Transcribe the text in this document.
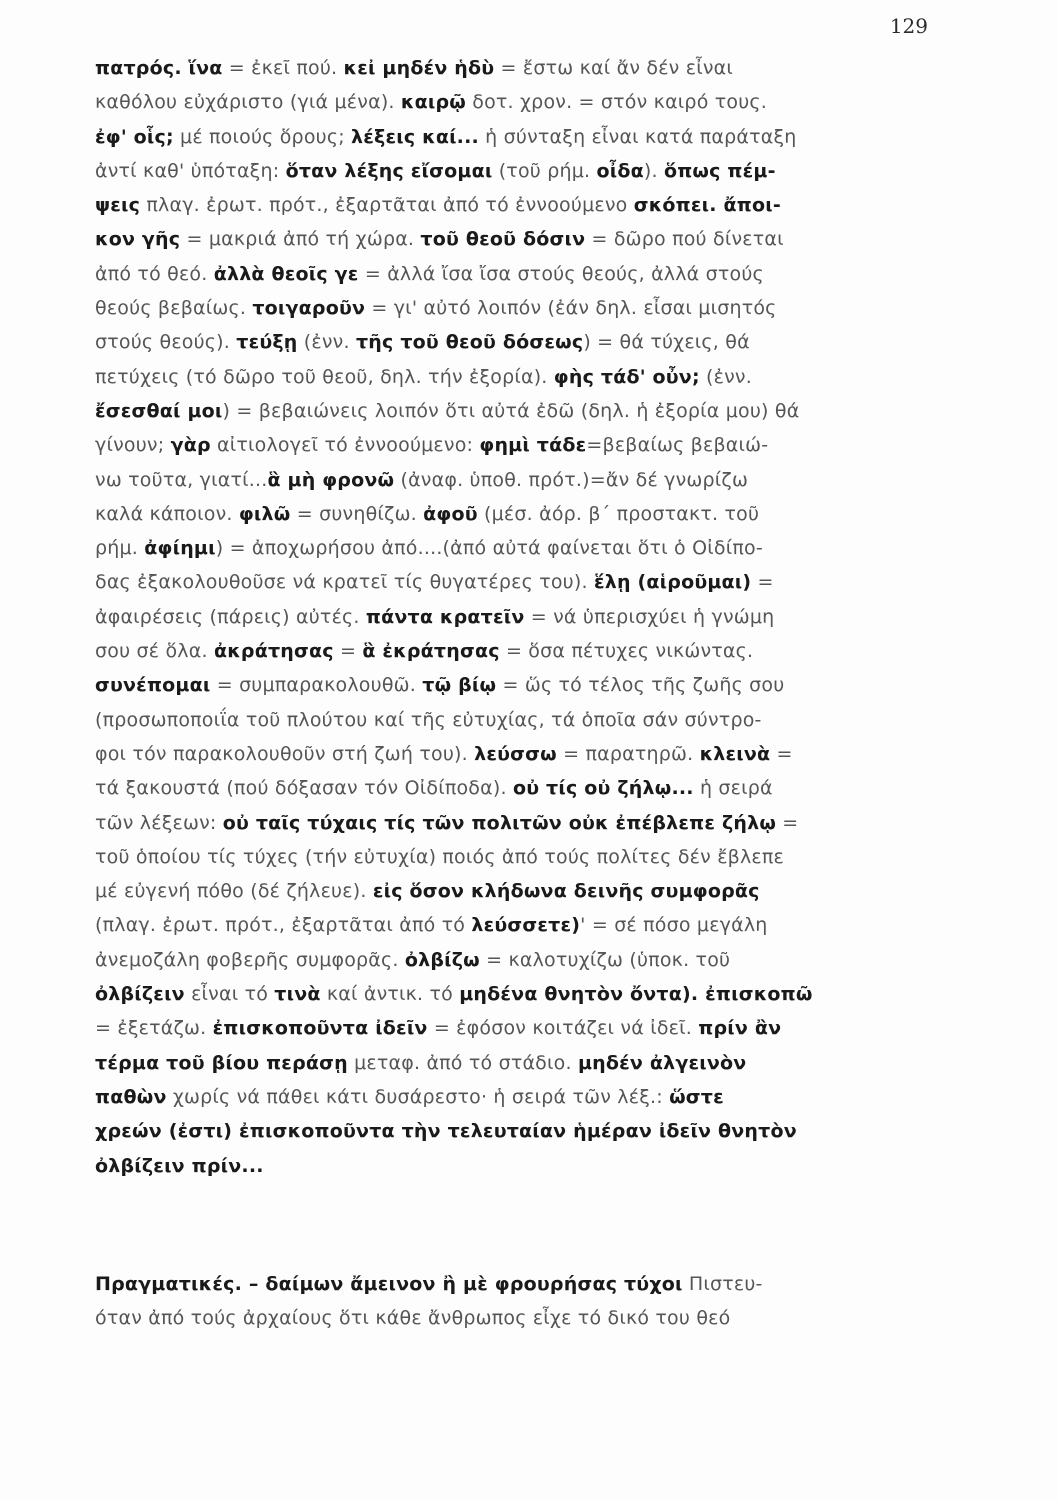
129
πατρός. ἵνα = ἐκεῖ πού. κεἰ μηδέν ἡδὺ = ἔστω καί ἄν δέν εἶναι
καθόλου εὐχάριστο (γιά μένα). καιρῷ δοτ. χρον. = στόν καιρό τους.
ἐφ' οἷς; μέ ποιούς ὅρους; λέξεις καί... ἡ σύνταξη εἶναι κατά παράταξη
ἀντί καθ' ὑπόταξη: ὅταν λέξης εἴσομαι (τοῦ ρήμ. οἶδα). ὅπως πέμ-
ψεις πλαγ. ἐρωτ. πρότ., ἐξαρτᾶται ἀπό τό ἐννοούμενο σκόπει. ἄποι-
κον γῆς = μακριά ἀπό τή χώρα. τοῦ θεοῦ δόσιν = δῶρο πού δίνεται
ἀπό τό θεό. ἀλλὰ θεοῖς γε = ἀλλά ἴσα ἴσα στούς θεούς, ἀλλά στούς
θεούς βεβαίως. τοιγαροῦν = γι' αὐτό λοιπόν (ἐάν δηλ. εἶσαι μισητός
στούς θεούς). τεύξῃ (ἐνν. τῆς τοῦ θεοῦ δόσεως) = θά τύχεις, θά
πετύχεις (τό δῶρο τοῦ θεοῦ, δηλ. τήν ἐξορία). φὴς τάδ' οὖν; (ἐνν.
ἔσεσθαί μοι) = βεβαιώνεις λοιπόν ὅτι αὐτά ἐδῶ (δηλ. ἡ ἐξορία μου) θά
γίνουν; γὰρ αἰτιολογεῖ τό ἐννοούμενο: φημὶ τάδε=βεβαίως βεβαιώ-
νω τοῦτα, γιατί...ἃ μὴ φρονῶ (ἀναφ. ὑποθ. πρότ.)=ἄν δέ γνωρίζω
καλά κάποιον. φιλῶ = συνηθίζω. ἀφοῦ (μέσ. ἀόρ. β΄ προστακτ. τοῦ
ρήμ. ἀφίημι) = ἀποχωρήσου ἀπό....(ἀπό αὐτά φαίνεται ὅτι ὁ Οἰδίπο-
δας ἐξακολουθοῦσε νά κρατεῖ τίς θυγατέρες του). ἕλῃ (αἱροῦμαι) =
ἀφαιρέσεις (πάρεις) αὐτές. πάντα κρατεῖν = νά ὑπερισχύει ἡ γνώμη
σου σέ ὅλα. ἀκράτησας = ἃ ἐκράτησας = ὅσα πέτυχες νικώντας.
συνέπομαι = συμπαρακολουθῶ. τῷ βίῳ = ὥς τό τέλος τῆς ζωῆς σου
(προσωποποιΐα τοῦ πλούτου καί τῆς εὐτυχίας, τά ὁποῖα σάν σύντρο-
φοι τόν παρακολουθοῦν στή ζωή του). λεύσσω = παρατηρῶ. κλεινὰ =
τά ξακουστά (πού δόξασαν τόν Οἰδίποδα). οὐ τίς οὐ ζήλῳ... ἡ σειρά
τῶν λέξεων: οὐ ταῖς τύχαις τίς τῶν πολιτῶν οὐκ ἐπέβλεπε ζήλῳ =
τοῦ ὁποίου τίς τύχες (τήν εὐτυχία) ποιός ἀπό τούς πολίτες δέν ἔβλεπε
μέ εὐγενή πόθο (δέ ζήλευε). εἰς ὅσον κλήδωνα δεινῆς συμφορᾶς
(πλαγ. ἐρωτ. πρότ., ἐξαρτᾶται ἀπό τό λεύσσετε)' = σέ πόσο μεγάλη
ἀνεμοζάλη φοβερῆς συμφορᾶς. ὀλβίζω = καλοτυχίζω (ὑποκ. τοῦ
ὀλβίζειν εἶναι τό τινὰ καί ἀντικ. τό μηδένα θνητὸν ὄντα). ἐπισκοπῶ
= ἐξετάζω. ἐπισκοποῦντα ἰδεῖν = ἐφόσον κοιτάζει νά ἰδεῖ. πρίν ἂν
τέρμα τοῦ βίου περάσῃ μεταφ. ἀπό τό στάδιο. μηδέν ἀλγεινὸν
παθὼν χωρίς νά πάθει κάτι δυσάρεστο· ἡ σειρά τῶν λέξ.: ὥστε
χρεών (ἐστι) ἐπισκοποῦντα τὴν τελευταίαν ἡμέραν ἰδεῖν θνητὸν
ὀλβίζειν πρίν...
Πραγματικές. – δαίμων ἄμεινον ἢ μὲ φρουρήσας τύχοι Πιστευ-
όταν ἀπό τούς ἀρχαίους ὅτι κάθε ἄνθρωπος εἶχε τό δικό του θεό
